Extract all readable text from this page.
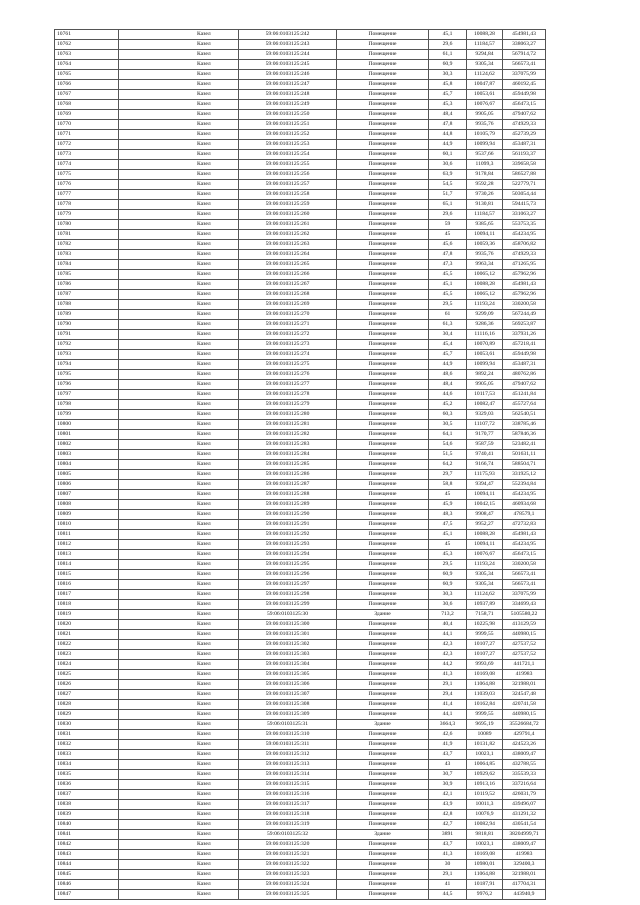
10761	Казел	59:06:0103125:242	Помещение	45,1	10088,28	454981,43
10762	Казел	59:06:0103125:243	Помещение	29,6	11184,57	338063,27
10763	Казел	59:06:0103125:244	Помещение	61,1	9294,84	567914,72
10764	Казел	59:06:0103125:245	Помещение	60,9	9305,34	566573,41
10765	Казел	59:06:0103125:246	Помещение	30,3	11124,62	337075,99
10766	Казел	59:06:0103125:247	Помещение	45,8	10047,87	460192,45
10767	Казел	59:06:0103125:248	Помещение	45,7	10053,61	459449,98
10768	Казел	59:06:0103125:249	Помещение	45,3	10076,67	456473,15
10769	Казел	59:06:0103125:250	Помещение	48,4	9905,05	479407,62
10770	Казел	59:06:0103125:251	Помещение	47,8	9935,76	474929,33
10771	Казел	59:06:0103125:252	Помещение	44,8	10105,79	452739,29
10772	Казел	59:06:0103125:253	Помещение	44,9	10099,94	453487,31
10773	Казел	59:06:0103125:254	Помещение	60,1	9537,66	561193,37
10774	Казел	59:06:0103125:255	Помещение	30,6	11099,3	339658,58
10775	Казел	59:06:0103125:256	Помещение	63,9	9178,84	586527,88
10776	Казел	59:06:0103125:257	Помещение	54,5	9592,28	522779,71
10777	Казел	59:06:0103125:258	Помещение	51,7	9730,26	503054,44
10778	Казел	59:06:0103125:259	Помещение	65,1	9130,81	594415,73
10779	Казел	59:06:0103125:260	Помещение	29,6	11184,57	331063,27
10780	Казел	59:06:0103125:261	Помещение	59	9385,65	553753,35
10781	Казел	59:06:0103125:262	Помещение	45	10094,11	454234,95
10782	Казел	59:06:0103125:263	Помещение	45,6	10059,36	458706,82
10783	Казел	59:06:0103125:264	Помещение	47,8	9935,76	474929,33
10784	Казел	59:06:0103125:265	Помещение	47,3	9963,34	471265,95
10785	Казел	59:06:0103125:266	Помещение	45,5	10065,12	457962,96
10786	Казел	59:06:0103125:267	Помещение	45,1	10088,28	454981,43
10787	Казел	59:06:0103125:268	Помещение	45,5	10065,12	457962,96
10788	Казел	59:06:0103125:269	Помещение	29,5	11193,24	330200,58
10789	Казел	59:06:0103125:270	Помещение	61	9299,09	567244,49
10790	Казел	59:06:0103125:271	Помещение	61,3	9286,36	569253,87
10791	Казел	59:06:0103125:272	Помещение	30,4	11116,16	337931,26
10792	Казел	59:06:0103125:273	Помещение	45,4	10070,89	457218,41
10793	Казел	59:06:0103125:274	Помещение	45,7	10053,61	459449,98
10794	Казел	59:06:0103125:275	Помещение	44,9	10099,94	453487,31
10795	Казел	59:06:0103125:276	Помещение	48,6	9892,24	480762,86
10796	Казел	59:06:0103125:277	Помещение	48,4	9905,05	479407,62
10797	Казел	59:06:0103125:278	Помещение	44,6	10117,53	451241,84
10798	Казел	59:06:0103125:279	Помещение	45,2	10082,47	455727,64
10799	Казел	59:06:0103125:280	Помещение	60,3	9329,03	562540,51
10800	Казел	59:06:0103125:281	Помещение	30,5	11107,72	338785,46
10801	Казел	59:06:0103125:282	Помещение	64,1	9170,77	587846,36
10802	Казел	59:06:0103125:283	Помещение	54,6	9587,59	523482,41
10803	Казел	59:06:0103125:284	Помещение	51,5	9740,41	501631,11
10804	Казел	59:06:0103125:285	Помещение	64,2	9166,74	588504,71
10805	Казел	59:06:0103125:286	Помещение	29,7	11175,93	331925,12
10806	Казел	59:06:0103125:287	Помещение	58,8	9394,47	552394,84
10807	Казел	59:06:0103125:288	Помещение	45	10094,11	454234,95
10808	Казел	59:06:0103125:289	Помещение	45,9	10042,15	460934,68
10809	Казел	59:06:0103125:290	Помещение	48,3	9908,47	478579,1
10810	Казел	59:06:0103125:291	Помещение	47,5	9952,27	472732,83
10811	Казел	59:06:0103125:292	Помещение	45,1	10088,28	454981,43
10812	Казел	59:06:0103125:293	Помещение	45	10094,11	454234,95
10813	Казел	59:06:0103125:294	Помещение	45,3	10076,67	456473,15
10814	Казел	59:06:0103125:295	Помещение	29,5	11193,24	330200,58
10815	Казел	59:06:0103125:296	Помещение	60,9	9305,34	566573,41
10816	Казел	59:06:0103125:297	Помещение	60,9	9305,34	566573,41
10817	Казел	59:06:0103125:298	Помещение	30,3	11124,62	337075,99
10818	Казел	59:06:0103125:299	Помещение	30,6	10937,89	334699,43
10819	Казел	59:06:0103125:30	Здание	713,2	7158,71	5105580,22
10820	Казел	59:06:0103125:300	Помещение	40,4	10225,98	413129,59
10821	Казел	59:06:0103125:301	Помещение	44,1	9999,55	440980,15
10822	Казел	59:06:0103125:302	Помещение	42,3	10107,27	427537,52
10823	Казел	59:06:0103125:303	Помещение	42,3	10107,27	427537,52
10824	Казел	59:06:0103125:304	Помещение	44,2	9993,69	441721,1
10825	Казел	59:06:0103125:305	Помещение	41,3	10169,08	419983
10826	Казел	59:06:0103125:306	Помещение	29,1	11064,88	321988,01
10827	Казел	59:06:0103125:307	Помещение	29,4	11039,03	324547,48
10828	Казел	59:06:0103125:308	Помещение	41,4	10162,84	420741,58
10829	Казел	59:06:0103125:309	Помещение	44,1	9999,55	440980,15
10830	Казел	59:06:0103125:31	Здание	3664,3	9695,19	35526684,72
10831	Казел	59:06:0103125:310	Помещение	42,6	10089	429791,4
10832	Казел	59:06:0103125:311	Помещение	41,9	10131,82	424523,26
10833	Казел	59:06:0103125:312	Помещение	43,7	10023,1	438009,47
10834	Казел	59:06:0103125:313	Помещение	43	10064,85	432788,55
10835	Казел	59:06:0103125:314	Помещение	30,7	10929,62	335539,33
10836	Казел	59:06:0103125:315	Помещение	30,9	10913,16	337216,64
10837	Казел	59:06:0103125:316	Помещение	42,1	10119,52	426031,79
10838	Казел	59:06:0103125:317	Помещение	43,9	10011,3	439496,07
10839	Казел	59:06:0103125:318	Помещение	42,8	10076,9	431291,32
10840	Казел	59:06:0103125:319	Помещение	42,7	10082,94	430541,54
10841	Казел	59:06:0103125:32	Здание	3891	9818,81	38204999,71
10842	Казел	59:06:0103125:320	Помещение	43,7	10023,1	438009,47
10843	Казел	59:06:0103125:321	Помещение	41,3	10169,08	419983
10844	Казел	59:06:0103125:322	Помещение	30	10980,01	329400,3
10845	Казел	59:06:0103125:323	Помещение	29,1	11064,88	321988,01
10846	Казел	59:06:0103125:324	Помещение	41	10187,91	417704,31
10847	Казел	59:06:0103125:325	Помещение	44,5	9976,2	443940,9
